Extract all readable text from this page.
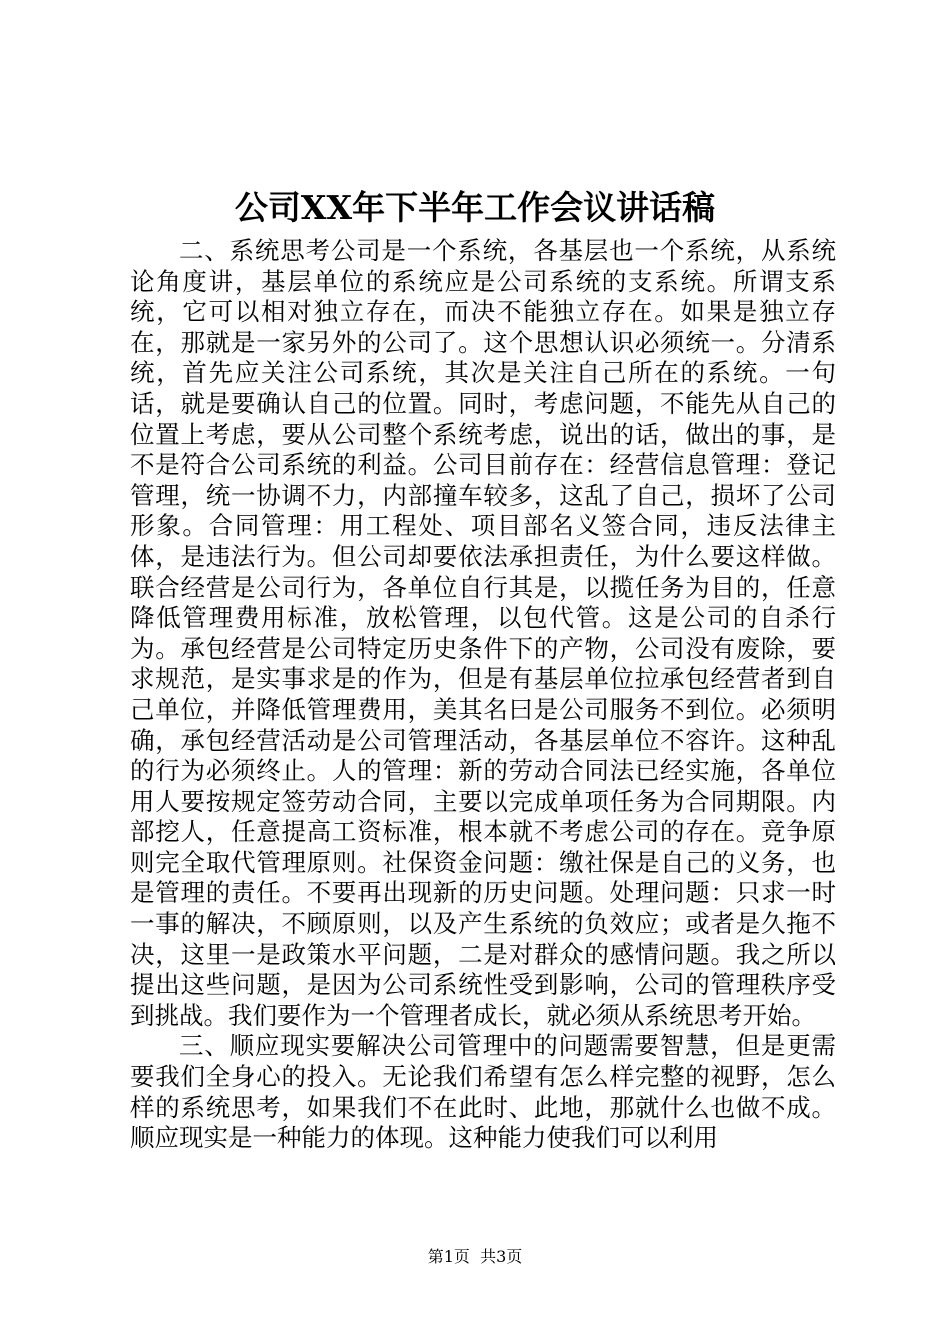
公司XX年下半年工作会议讲话稿

二、系统思考公司是一个系统，各基层也一个系统，从系统论角度讲，基层单位的系统应是公司系统的支系统。所谓支系统，它可以相对独立存在，而决不能独立存在。如果是独立存在，那就是一家另外的公司了。这个思想认识必须统一。分清系统，首先应关注公司系统，其次是关注自己所在的系统。一句话，就是要确认自己的位置。同时，考虑问题，不能先从自己的位置上考虑，要从公司整个系统考虑，说出的话，做出的事，是不是符合公司系统的利益。公司目前存在：经营信息管理：登记管理，统一协调不力，内部撞车较多，这乱了自己，损坏了公司形象。合同管理：用工程处、项目部名义签合同，违反法律主体，是违法行为。但公司却要依法承担责任，为什么要这样做。联合经营是公司行为，各单位自行其是，以揽任务为目的，任意降低管理费用标准，放松管理，以包代管。这是公司的自杀行为。承包经营是公司特定历史条件下的产物，公司没有废除，要求规范，是实事求是的作为，但是有基层单位拉承包经营者到自己单位，并降低管理费用，美其名曰是公司服务不到位。必须明确，承包经营活动是公司管理活动，各基层单位不容许。这种乱的行为必须终止。人的管理：新的劳动合同法已经实施，各单位用人要按规定签劳动合同，主要以完成单项任务为合同期限。内部挖人，任意提高工资标准，根本就不考虑公司的存在。竞争原则完全取代管理原则。社保资金问题：缴社保是自己的义务，也是管理的责任。不要再出现新的历史问题。处理问题：只求一时一事的解决，不顾原则，以及产生系统的负效应；或者是久拖不决，这里一是政策水平问题，二是对群众的感情问题。我之所以提出这些问题，是因为公司系统性受到影响，公司的管理秩序受到挑战。我们要作为一个管理者成长，就必须从系统思考开始。

三、顺应现实要解决公司管理中的问题需要智慧，但是更需要我们全身心的投入。无论我们希望有怎么样完整的视野，怎么样的系统思考，如果我们不在此时、此地，那就什么也做不成。顺应现实是一种能力的体现。这种能力使我们可以利用

第1页 共3页
